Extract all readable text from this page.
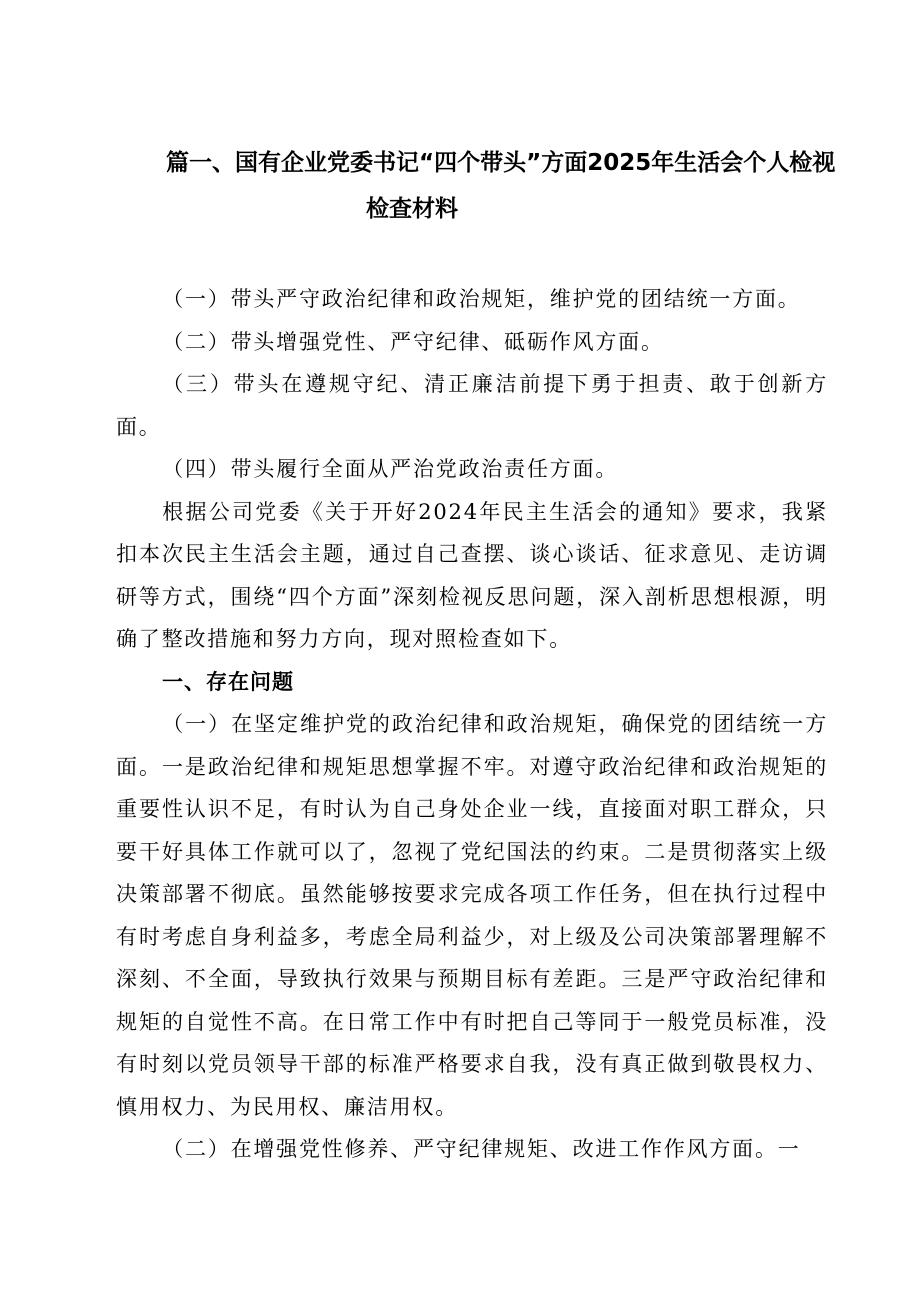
篇一、国有企业党委书记“四个带头”方面2025年生活会个人检视
检查材料

（一）带头严守政治纪律和政治规矩，维护党的团结统一方面。

（二）带头增强党性、严守纪律、砥砺作风方面。

（三）带头在遵规守纪、清正廉洁前提下勇于担责、敢于创新方面。

（四）带头履行全面从严治党政治责任方面。

根据公司党委《关于开好2024年民主生活会的通知》要求，我紧扣本次民主生活会主题，通过自己查摆、谈心谈话、征求意见、走访调研等方式，围绕“四个方面”深刻检视反思问题，深入剖析思想根源，明确了整改措施和努力方向，现对照检查如下。

一、存在问题

（一）在坚定维护党的政治纪律和政治规矩，确保党的团结统一方面。一是政治纪律和规矩思想掌握不牢。对遵守政治纪律和政治规矩的重要性认识不足，有时认为自己身处企业一线，直接面对职工群众，只要干好具体工作就可以了，忽视了党纪国法的约束。二是贯彻落实上级决策部署不彻底。虽然能够按要求完成各项工作任务，但在执行过程中有时考虑自身利益多，考虑全局利益少，对上级及公司决策部署理解不深刻、不全面，导致执行效果与预期目标有差距。三是严守政治纪律和规矩的自觉性不高。在日常工作中有时把自己等同于一般党员标准，没有时刻以党员领导干部的标准严格要求自我，没有真正做到敬畏权力、慎用权力、为民用权、廉洁用权。

（二）在增强党性修养、严守纪律规矩、改进工作作风方面。一
